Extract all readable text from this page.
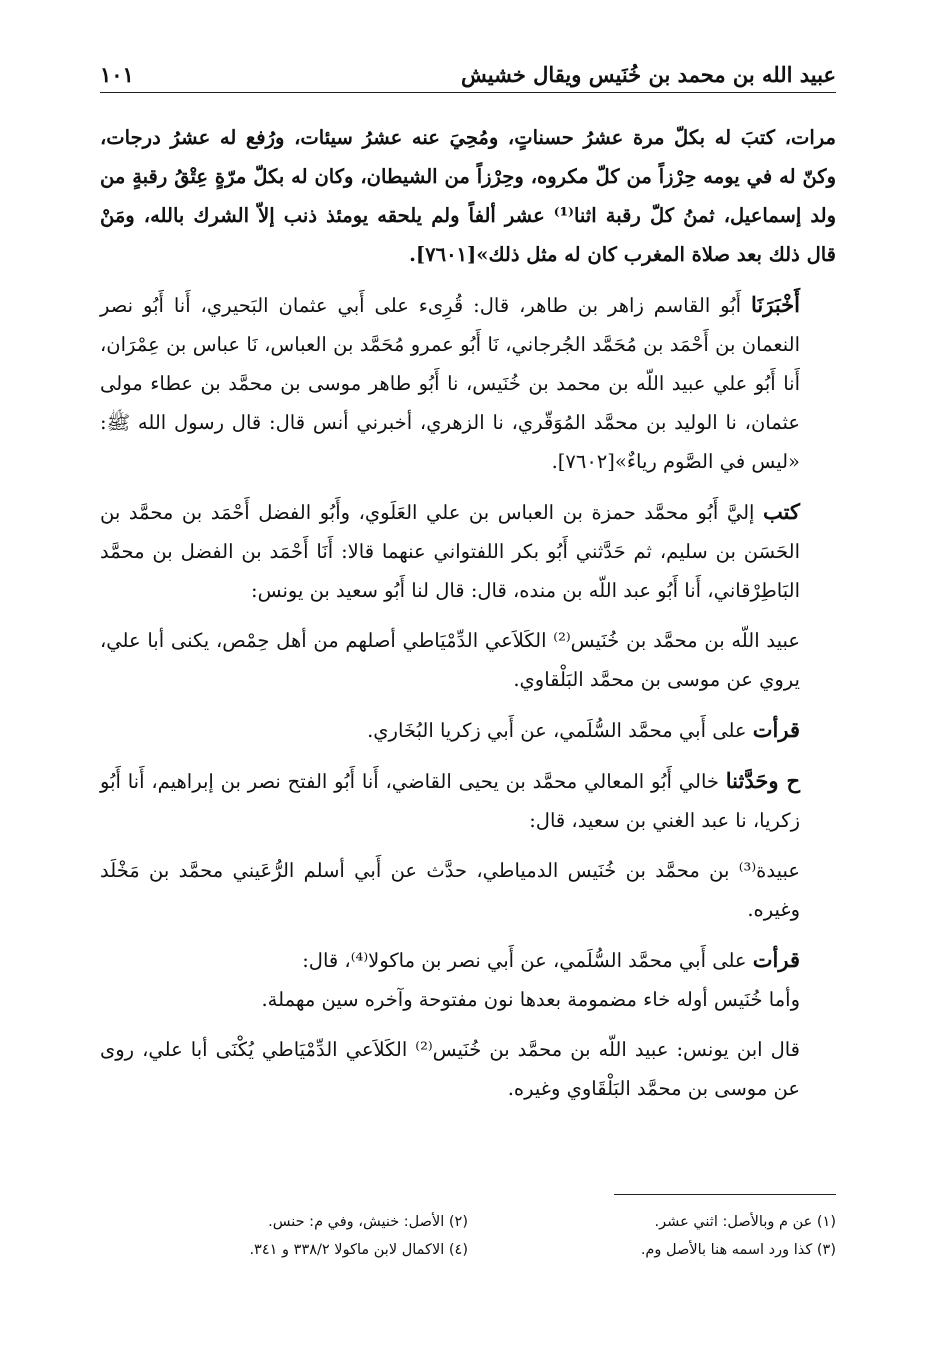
عبيد الله بن محمد بن خُنَيس ويقال خشيش
١٠١

مرات، كتبَ له بكلّ مرة عشرُ حسناتٍ، ومُحِيَ عنه عشرُ سيئات، ورُفع له عشرُ درجات، وكنّ له في يومه حِرْزاً من كلّ مكروه، وحِرْزاً من الشيطان، وكان له بكلّ مرّةٍ عِتْقُ رقبةٍ من ولد إسماعيل، ثمنُ كلّ رقبة اثنا⁽¹⁾ عشر ألفاً ولم يلحقه يومئذ ذنب إلاّ الشرك بالله، ومَنْ قال ذلك بعد صلاة المغرب كان له مثل ذلك»[٧٦٠١].

أَخْبَرَنَا أَبُو القاسم زاهر بن طاهر، قال: قُرِىء على أَبي عثمان البَحيري، أَنا أَبُو نصر النعمان بن أَحْمَد بن مُحَمَّد الجُرجاني، نَا أَبُو عمرو مُحَمَّد بن العباس، نَا عباس بن عِمْرَان، أَنا أَبُو علي عبيد اللّه بن محمد بن خُنَيس، نا أَبُو طاهر موسى بن محمَّد بن عطاء مولى عثمان، نا الوليد بن محمَّد المُوَقّري، نا الزهري، أخبرني أنس قال: قال رسول الله ﷺ: «ليس في الصَّوم رياءٌ»[٧٦٠٢].

كتب إليَّ أَبُو محمَّد حمزة بن العباس بن علي العَلَوي، وأَبُو الفضل أَحْمَد بن محمَّد بن الحَسَن بن سليم، ثم حَدَّثني أَبُو بكر اللفتواني عنهما قالا: أَنَا أَحْمَد بن الفضل بن محمَّد البَاطِرْقاني، أَنا أَبُو عبد اللّه بن منده، قال: قال لنا أَبُو سعيد بن يونس:

عبيد اللّه بن محمَّد بن خُنَيس⁽²⁾ الكَلاَعي الدِّمْيَاطي أصلهم من أهل حِمْص، يكنى أبا علي، يروي عن موسى بن محمَّد البَلْقاوي.

قرأت على أَبي محمَّد السُّلَمي، عن أَبي زكريا البُخَاري.

ح وحَدَّثنا خالي أَبُو المعالي محمَّد بن يحيى القاضي، أَنا أَبُو الفتح نصر بن إبراهيم، أَنا أَبُو زكريا، نا عبد الغني بن سعيد، قال:

عبيدة⁽³⁾ بن محمَّد بن خُنَيس الدمياطي، حدَّث عن أَبي أسلم الرُّعَيني محمَّد بن مَخْلَد وغيره.

قرأت على أَبي محمَّد السُّلَمي، عن أَبي نصر بن ماكولا⁽⁴⁾، قال:

وأما خُنَيس أوله خاء مضمومة بعدها نون مفتوحة وآخره سين مهملة.

قال ابن يونس: عبيد اللّه بن محمَّد بن خُنَيس⁽²⁾ الكَلاَعي الدِّمْيَاطي يُكْنَى أبا علي، روى عن موسى بن محمَّد البَلْقَاوي وغيره.

(١) عن م وبالأصل: اثني عشر.
(٢) الأصل: خنيش، وفي م: حنس.
(٣) كذا ورد اسمه هنا بالأصل وم.
(٤) الاكمال لابن ماكولا ٣٣٨/٢ و ٣٤١.
